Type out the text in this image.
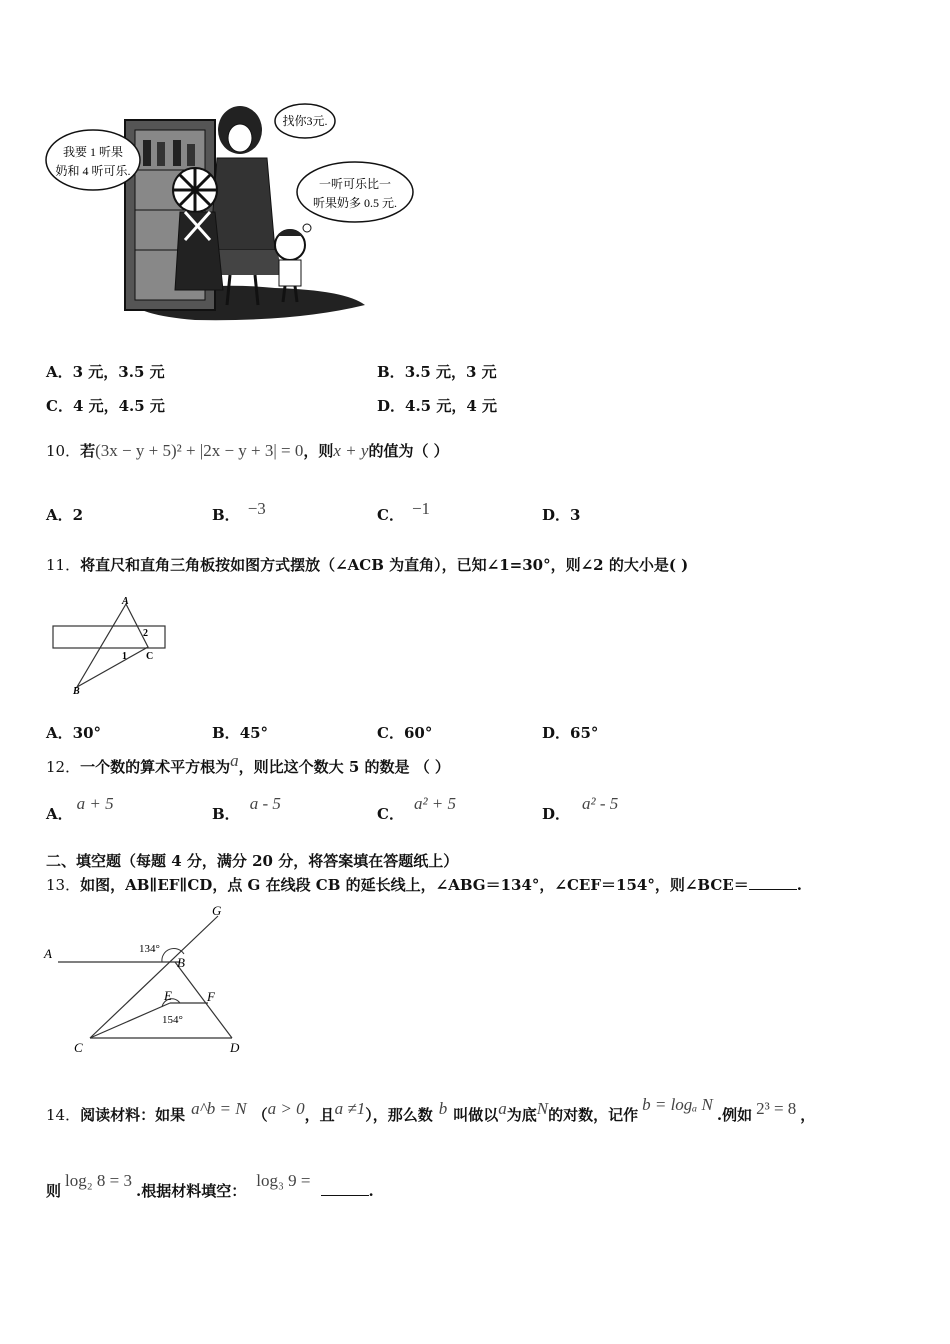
我要 1 听果
奶和 4 听可乐.
找你3元.
一听可乐比一
听果奶多 0.5 元.
A．3 元，3.5 元	B．3.5 元，3 元
C．4 元，4.5 元	D．4.5 元，4 元
10．若(3x − y + 5)² + |2x − y + 3| = 0，则x + y的值为（ ）
A．2	B． −3	C． −1	D．3
11．将直尺和直角三角板按如图方式摆放（∠ACB 为直角），已知∠1=30°，则∠2 的大小是( )
A
B
C
1
2
A．30°	B．45°	C．60°	D．65°
12．一个数的算术平方根为a，则比这个数大 5 的数是 （ ）
A．a + 5
B．a - 5
C．a² + 5
D．a² - 5
二、填空题（每题 4 分，满分 20 分，将答案填在答题纸上）
13．如图，AB∥EF∥CD，点 G 在线段 CB 的延长线上，∠ABG＝134°，∠CEF＝154°，则∠BCE＝	.
A
B
C	D
E	F
G
134°
154°
14．阅读材料：如果 a^b = N （a > 0，且a ≠1），那么数 b 叫做以a为底N的对数，记作b = logₐ N.例如 2³ = 8 ，
则log₂ 8 = 3.根据材料填空：log₃ 9 =.
